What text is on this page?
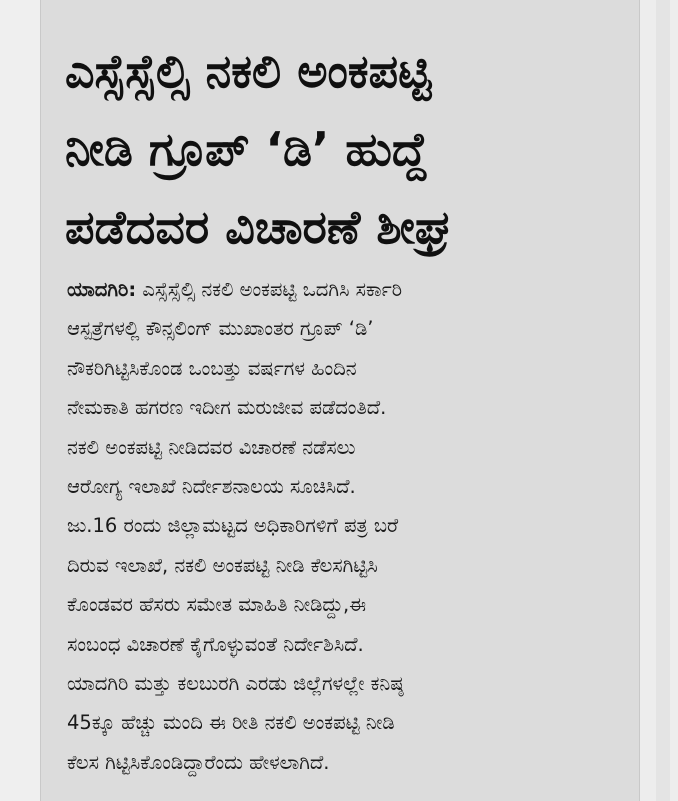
ಎಸ್ಸೆಸ್ಸೆಲ್ಸಿ ನಕಲಿ ಅಂಕಪಟ್ಟಿ
ನೀಡಿ ಗ್ರೂಪ್ ‘ಡಿ’ ಹುದ್ದೆ
ಪಡೆದವರ ವಿಚಾರಣೆ ಶೀಘ್ರ
ಯಾದಗಿರಿ: ಎಸ್ಸೆಸ್ಸೆಲ್ಸಿ ನಕಲಿ ಅಂಕಪಟ್ಟಿ ಒದಗಿಸಿ ಸರ್ಕಾರಿ
ಆಸ್ಪತ್ರೆಗಳಲ್ಲಿ ಕೌನ್ಸಲಿಂಗ್ ಮುಖಾಂತರ ಗ್ರೂಪ್ ‘ಡಿ’
ನೌಕರಿಗಿಟ್ಟಿಸಿಕೊಂಡ ಒಂಬತ್ತು ವರ್ಷಗಳ ಹಿಂದಿನ
ನೇಮಕಾತಿ ಹಗರಣ ಇದೀಗ ಮರುಜೀವ ಪಡೆದಂತಿದೆ.
ನಕಲಿ ಅಂಕಪಟ್ಟಿ ನೀಡಿದವರ ವಿಚಾರಣೆ ನಡೆಸಲು
ಆರೋಗ್ಯ ಇಲಾಖೆ ನಿರ್ದೇಶನಾಲಯ ಸೂಚಿಸಿದೆ.
ಜು.16 ರಂದು ಜಿಲ್ಲಾಮಟ್ಟದ ಅಧಿಕಾರಿಗಳಿಗೆ ಪತ್ರ ಬರೆ
ದಿರುವ ಇಲಾಖೆ, ನಕಲಿ ಅಂಕಪಟ್ಟಿ ನೀಡಿ ಕೆಲಸಗಿಟ್ಟಿಸಿ
ಕೊಂಡವರ ಹೆಸರು ಸಮೇತ ಮಾಹಿತಿ ನೀಡಿದ್ದು,ಈ
ಸಂಬಂಧ ವಿಚಾರಣೆ ಕೈಗೊಳ್ಳುವಂತೆ ನಿರ್ದೇಶಿಸಿದೆ.
ಯಾದಗಿರಿ ಮತ್ತು ಕಲಬುರಗಿ ಎರಡು ಜಿಲ್ಲೆಗಳಲ್ಲೇ ಕನಿಷ್ಠ
45ಕ್ಕೂ ಹೆಚ್ಚು ಮಂದಿ ಈ ರೀತಿ ನಕಲಿ ಅಂಕಪಟ್ಟಿ ನೀಡಿ
ಕೆಲಸ ಗಿಟ್ಟಿಸಿಕೊಂಡಿದ್ದಾರೆಂದು ಹೇಳಲಾಗಿದೆ.
